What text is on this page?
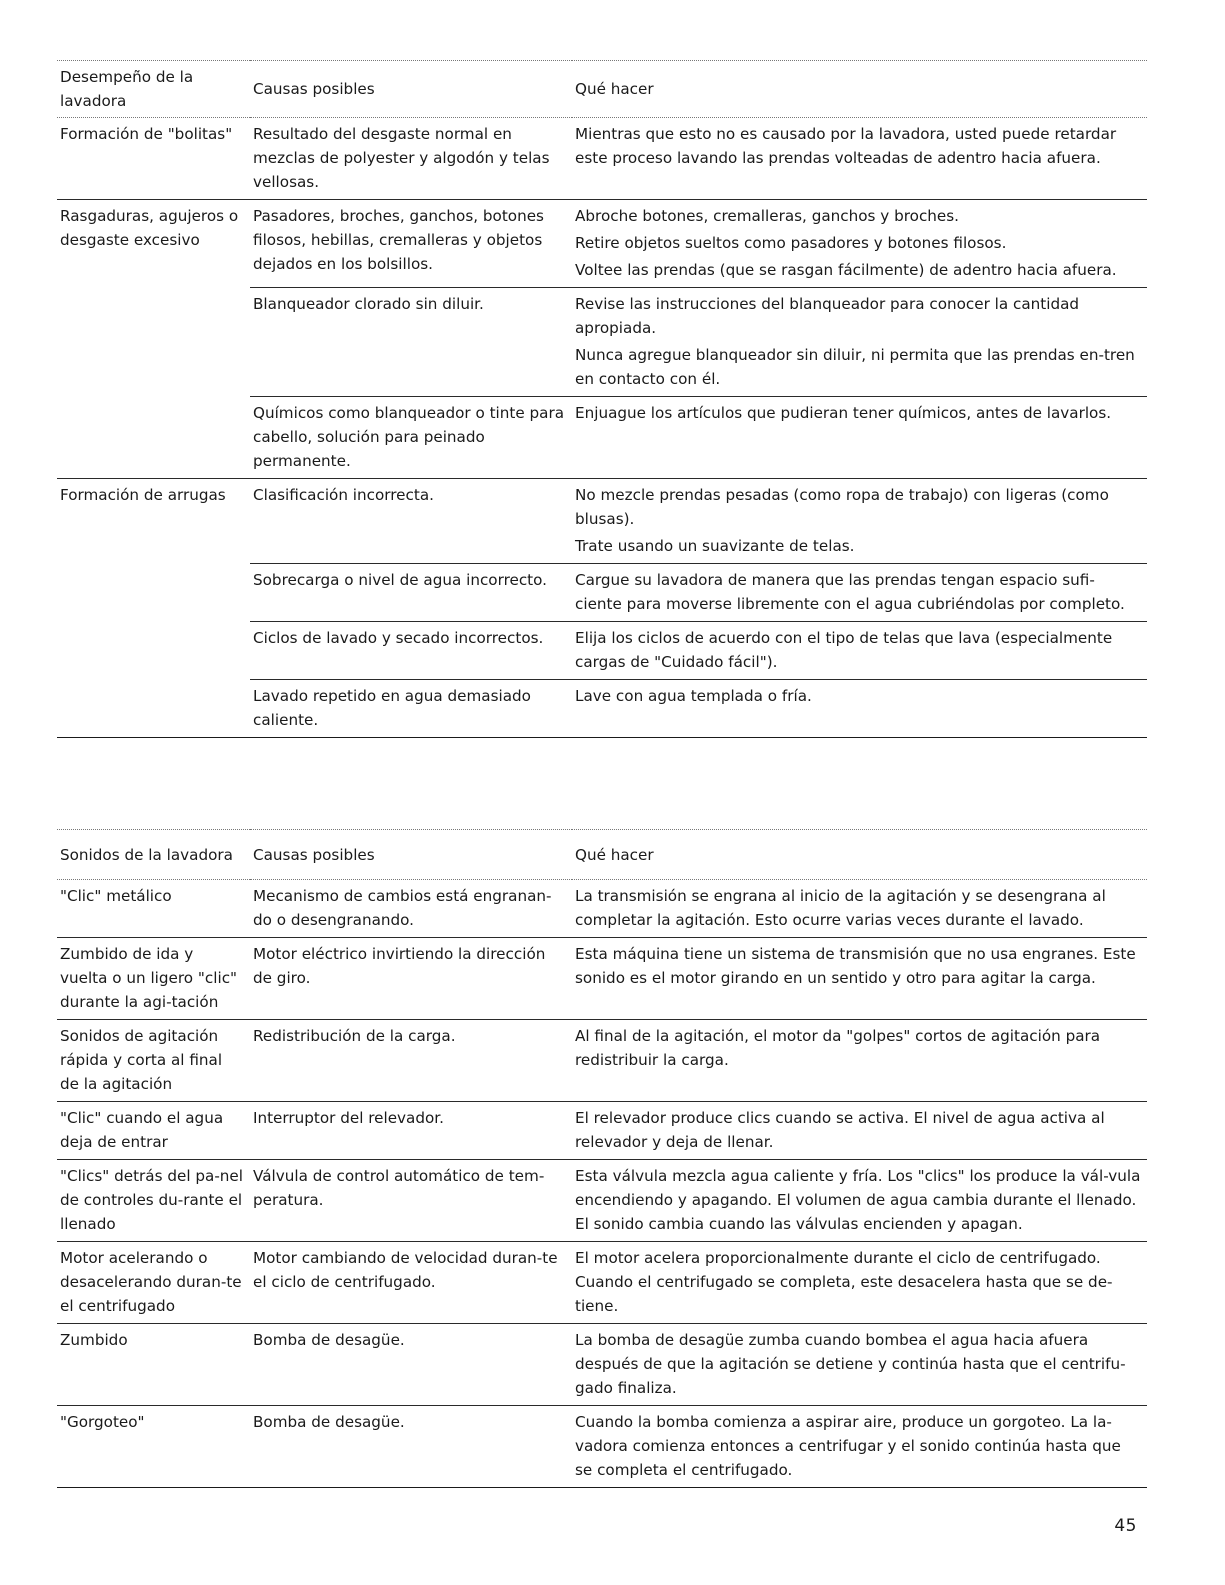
Desempeño de la lavadora	Causas posibles	Qué hacer
Formación de "bolitas"	Resultado del desgaste normal en mezclas de polyester y algodón y telas vellosas.	Mientras que esto no es causado por la lavadora, usted puede retardar este proceso lavando las prendas volteadas de adentro hacia afuera.

Rasgaduras, agujeros o desgaste excesivo	Pasadores, broches, ganchos, botones filosos, hebillas, cremalleras y objetos dejados en los bolsillos.	Abroche botones, cremalleras, ganchos y broches.
Retire objetos sueltos como pasadores y botones filosos.
Voltee las prendas (que se rasgan fácilmente) de adentro hacia afuera.

	Blanqueador clorado sin diluir.	Revise las instrucciones del blanqueador para conocer la cantidad apropiada.
Nunca agregue blanqueador sin diluir, ni permita que las prendas en-tren en contacto con él.

	Químicos como blanqueador o tinte para cabello, solución para peinado permanente.	Enjuague los artículos que pudieran tener químicos, antes de lavarlos.

Formación de arrugas	Clasificación incorrecta.	No mezcle prendas pesadas (como ropa de trabajo) con ligeras (como blusas).
Trate usando un suavizante de telas.

	Sobrecarga o nivel de agua incorrecto.	Cargue su lavadora de manera que las prendas tengan espacio sufi-ciente para moverse libremente con el agua cubriéndolas por completo.

	Ciclos de lavado y secado incorrectos.	Elija los ciclos de acuerdo con el tipo de telas que lava (especialmente cargas de "Cuidado fácil").

	Lavado repetido en agua demasiado caliente.	Lave con agua templada o fría.
Sonidos de la lavadora	Causas posibles	Qué hacer
"Clic" metálico	Mecanismo de cambios está engranan-do o desengranando.	La transmisión se engrana al inicio de la agitación y se desengrana al completar la agitación. Esto ocurre varias veces durante el lavado.

Zumbido de ida y vuelta o un ligero "clic" durante la agi-tación	Motor eléctrico invirtiendo la dirección de giro.	Esta máquina tiene un sistema de transmisión que no usa engranes. Este sonido es el motor girando en un sentido y otro para agitar la carga.

Sonidos de agitación rápida y corta al final de la agitación	Redistribución de la carga.	Al final de la agitación, el motor da "golpes" cortos de agitación para redistribuir la carga.

"Clic" cuando el agua deja de entrar	Interruptor del relevador.	El relevador produce clics cuando se activa. El nivel de agua activa al relevador y deja de llenar.

"Clics" detrás del pa-nel de controles du-rante el llenado	Válvula de control automático de tem-peratura.	Esta válvula mezcla agua caliente y fría. Los "clics" los produce la vál-vula encendiendo y apagando. El volumen de agua cambia durante el llenado. El sonido cambia cuando las válvulas encienden y apagan.

Motor acelerando o desacelerando duran-te el centrifugado	Motor cambiando de velocidad duran-te el ciclo de centrifugado.	El motor acelera proporcionalmente durante el ciclo de centrifugado. Cuando el centrifugado se completa, este desacelera hasta que se de-tiene.

Zumbido	Bomba de desagüe.	La bomba de desagüe zumba cuando bombea el agua hacia afuera después de que la agitación se detiene y continúa hasta que el centrifu-gado finaliza.

"Gorgoteo"	Bomba de desagüe.	Cuando la bomba comienza a aspirar aire, produce un gorgoteo. La la-vadora comienza entonces a centrifugar y el sonido continúa hasta que se completa el centrifugado.
45
